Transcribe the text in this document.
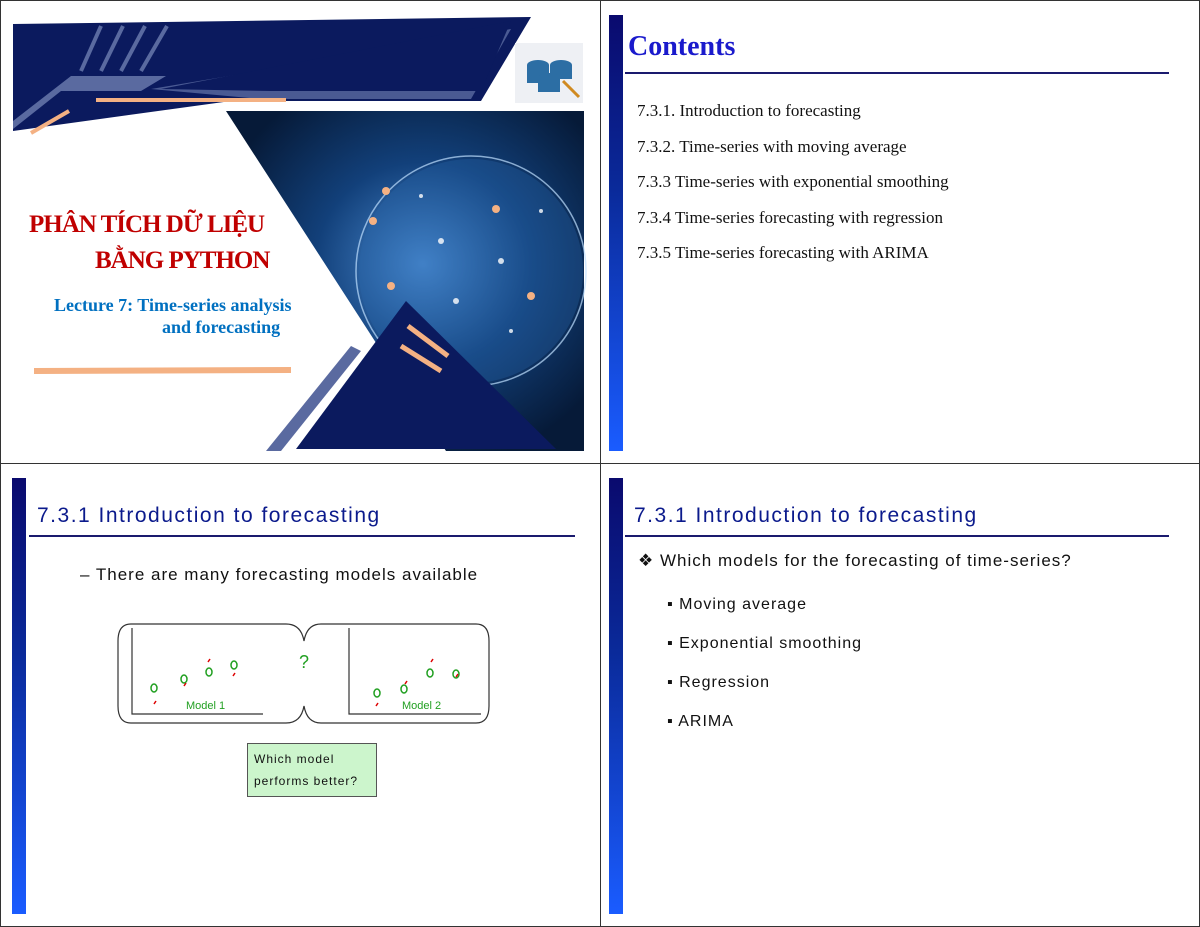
PHÂN TÍCH DỮ LIỆU
BẰNG PYTHON
Lecture 7: Time-series analysis
and forecasting
Contents
7.3.1. Introduction to forecasting
7.3.2. Time-series with moving average
7.3.3 Time-series with exponential smoothing
7.3.4 Time-series forecasting with regression
7.3.5 Time-series forecasting with ARIMA
7.3.1 Introduction to forecasting
– There are many forecasting models available
Model 1	Model 2
?
Which model
performs better?
7.3.1 Introduction to forecasting
❖ Which models for the forecasting of time-series?
▪ Moving average
▪ Exponential smoothing
▪ Regression
▪ ARIMA
